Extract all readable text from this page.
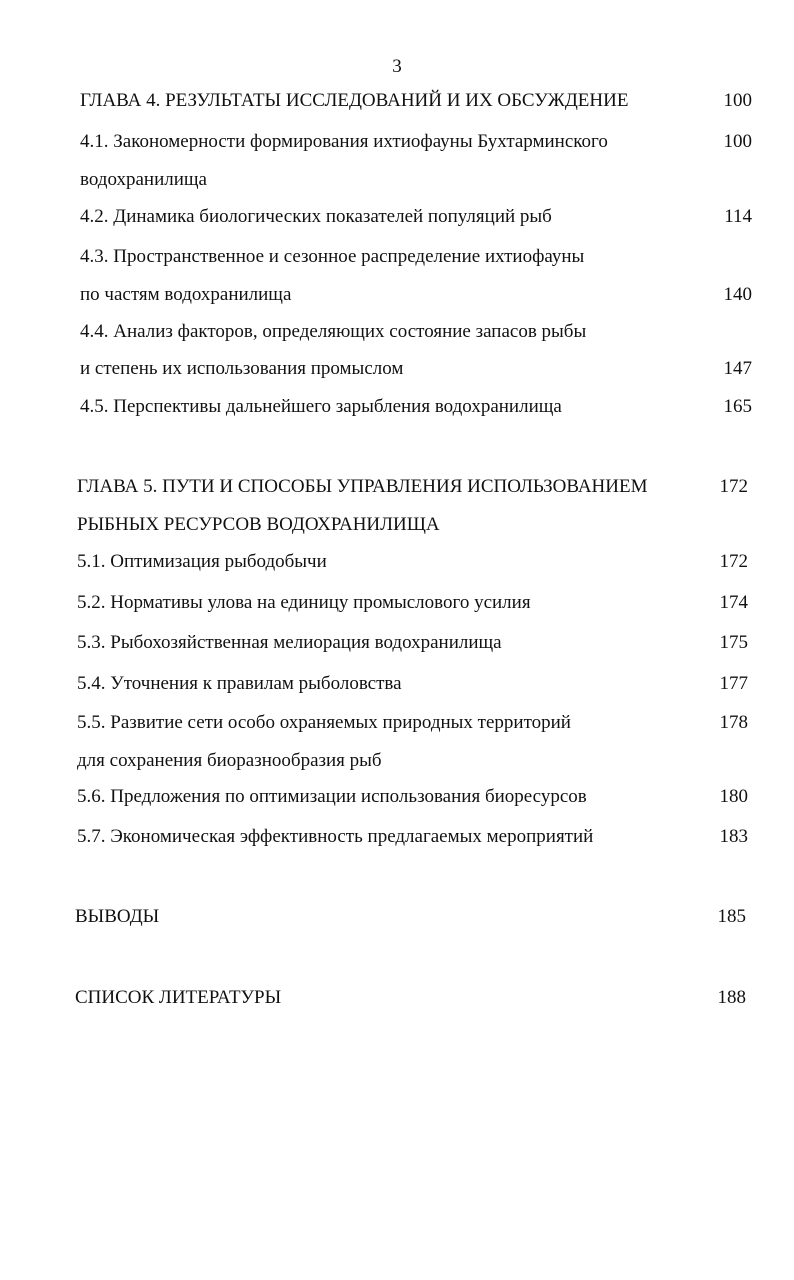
3
ГЛАВА 4. РЕЗУЛЬТАТЫ ИССЛЕДОВАНИЙ И ИХ ОБСУЖДЕНИЕ	100
4.1. Закономерности формирования ихтиофауны Бухтарминского	100
водохранилища
4.2. Динамика биологических показателей популяций рыб	114
4.3. Пространственное и сезонное распределение ихтиофауны
по частям водохранилища	140
4.4. Анализ факторов, определяющих состояние запасов рыбы
и степень их использования промыслом	147
4.5. Перспективы дальнейшего зарыбления водохранилища	165
ГЛАВА 5. ПУТИ И СПОСОБЫ УПРАВЛЕНИЯ ИСПОЛЬЗОВАНИЕМ	172
РЫБНЫХ РЕСУРСОВ ВОДОХРАНИЛИЩА
5.1. Оптимизация рыбодобычи	172
5.2. Нормативы улова на единицу промыслового усилия	174
5.3. Рыбохозяйственная мелиорация водохранилища	175
5.4. Уточнения к правилам рыболовства	177
5.5. Развитие сети особо охраняемых природных территорий	178
для сохранения биоразнообразия рыб
5.6. Предложения по оптимизации использования биоресурсов	180
5.7. Экономическая эффективность предлагаемых мероприятий	183
ВЫВОДЫ	185
СПИСОК ЛИТЕРАТУРЫ	188
